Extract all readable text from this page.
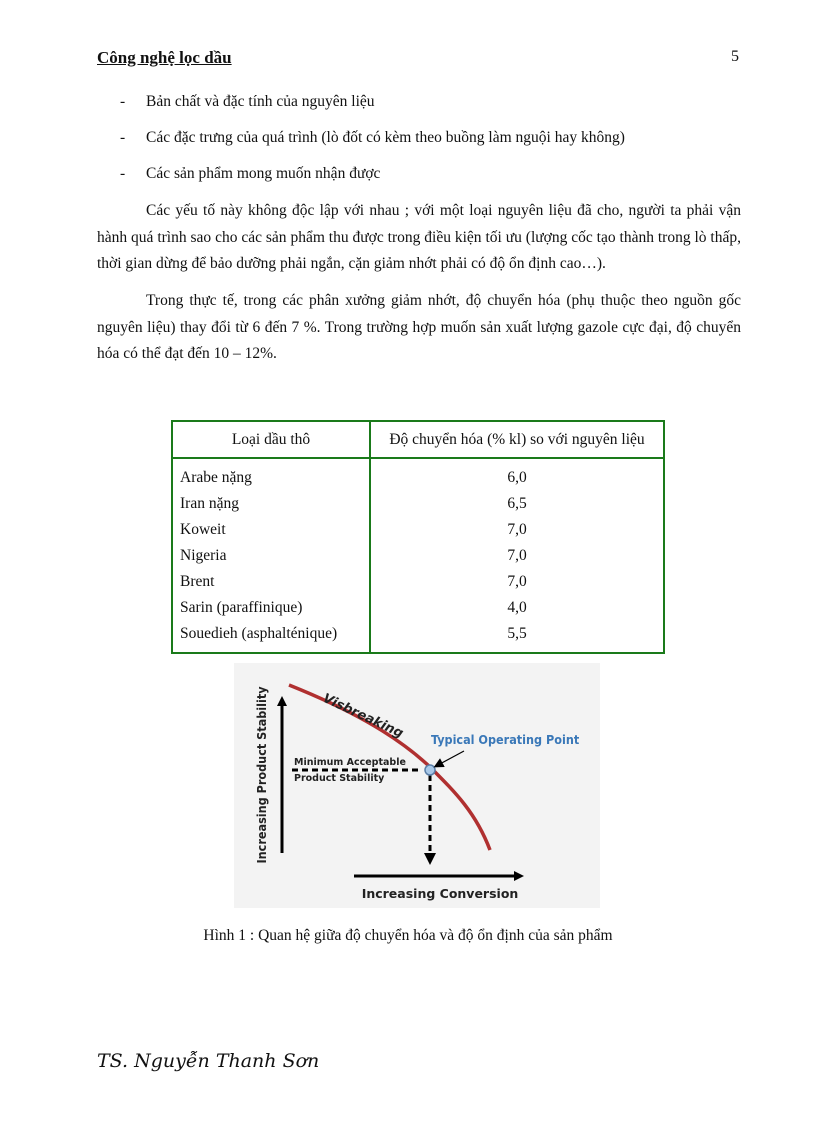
Công nghệ lọc dầu	5
- Bản chất và đặc tính của nguyên liệu
- Các đặc trưng của quá trình (lò đốt có kèm theo buồng làm nguội hay không)
- Các sản phẩm mong muốn nhận được

Các yếu tố này không độc lập với nhau ; với một loại nguyên liệu đã cho, người ta phải vận hành quá trình sao cho các sản phẩm thu được trong điều kiện tối ưu (lượng cốc tạo thành trong lò thấp, thời gian dừng để bảo dưỡng phải ngắn, cặn giảm nhớt phải có độ ổn định cao…).

Trong thực tế, trong các phân xưởng giảm nhớt, độ chuyển hóa (phụ thuộc theo nguồn gốc nguyên liệu) thay đổi từ 6 đến 7 %. Trong trường hợp muốn sản xuất lượng gazole cực đại, độ chuyển hóa có thể đạt đến 10 – 12%.

Loại dầu thô	Độ chuyển hóa (% kl) so với nguyên liệu
Arabe nặng	6,0
Iran nặng	6,5
Koweit	7,0
Nigeria	7,0
Brent	7,0
Sarin (paraffinique)	4,0
Souedieh (asphalténique)	5,5
Increasing Product Stability
Increasing Conversion
Visbreaking
Minimum Acceptable
Product Stability
Typical Operating Point

Hình 1 : Quan hệ giữa độ chuyển hóa và độ ổn định của sản phẩm

TS. Nguyễn Thanh Sơn
